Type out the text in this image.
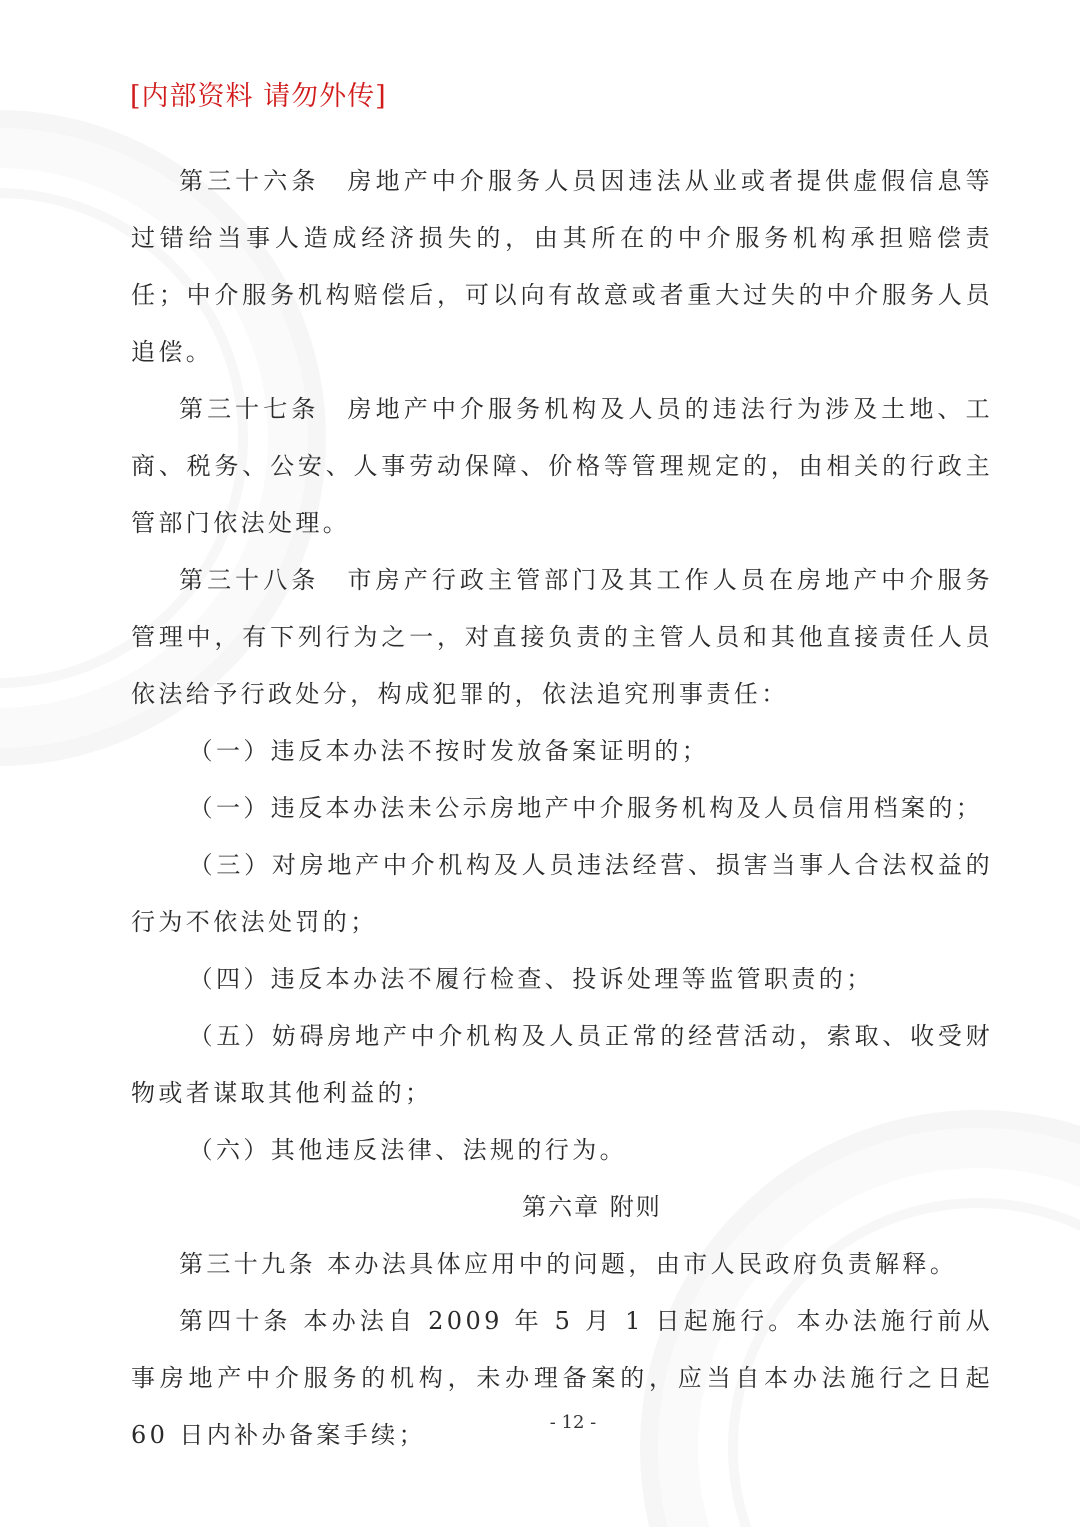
[内部资料 请勿外传]

第三十六条　房地产中介服务人员因违法从业或者提供虚假信息等过错给当事人造成经济损失的，由其所在的中介服务机构承担赔偿责任；中介服务机构赔偿后，可以向有故意或者重大过失的中介服务人员追偿。

第三十七条　房地产中介服务机构及人员的违法行为涉及土地、工商、税务、公安、人事劳动保障、价格等管理规定的，由相关的行政主管部门依法处理。

第三十八条　市房产行政主管部门及其工作人员在房地产中介服务管理中，有下列行为之一，对直接负责的主管人员和其他直接责任人员依法给予行政处分，构成犯罪的，依法追究刑事责任：

（一）违反本办法不按时发放备案证明的；

（一）违反本办法未公示房地产中介服务机构及人员信用档案的；

（三）对房地产中介机构及人员违法经营、损害当事人合法权益的行为不依法处罚的；

（四）违反本办法不履行检查、投诉处理等监管职责的；

（五）妨碍房地产中介机构及人员正常的经营活动，索取、收受财物或者谋取其他利益的；

（六）其他违反法律、法规的行为。

第六章 附则

第三十九条 本办法具体应用中的问题，由市人民政府负责解释。

第四十条 本办法自 2009 年 5 月 1 日起施行。本办法施行前从事房地产中介服务的机构，未办理备案的，应当自本办法施行之日起 60 日内补办备案手续；	- 12 -
